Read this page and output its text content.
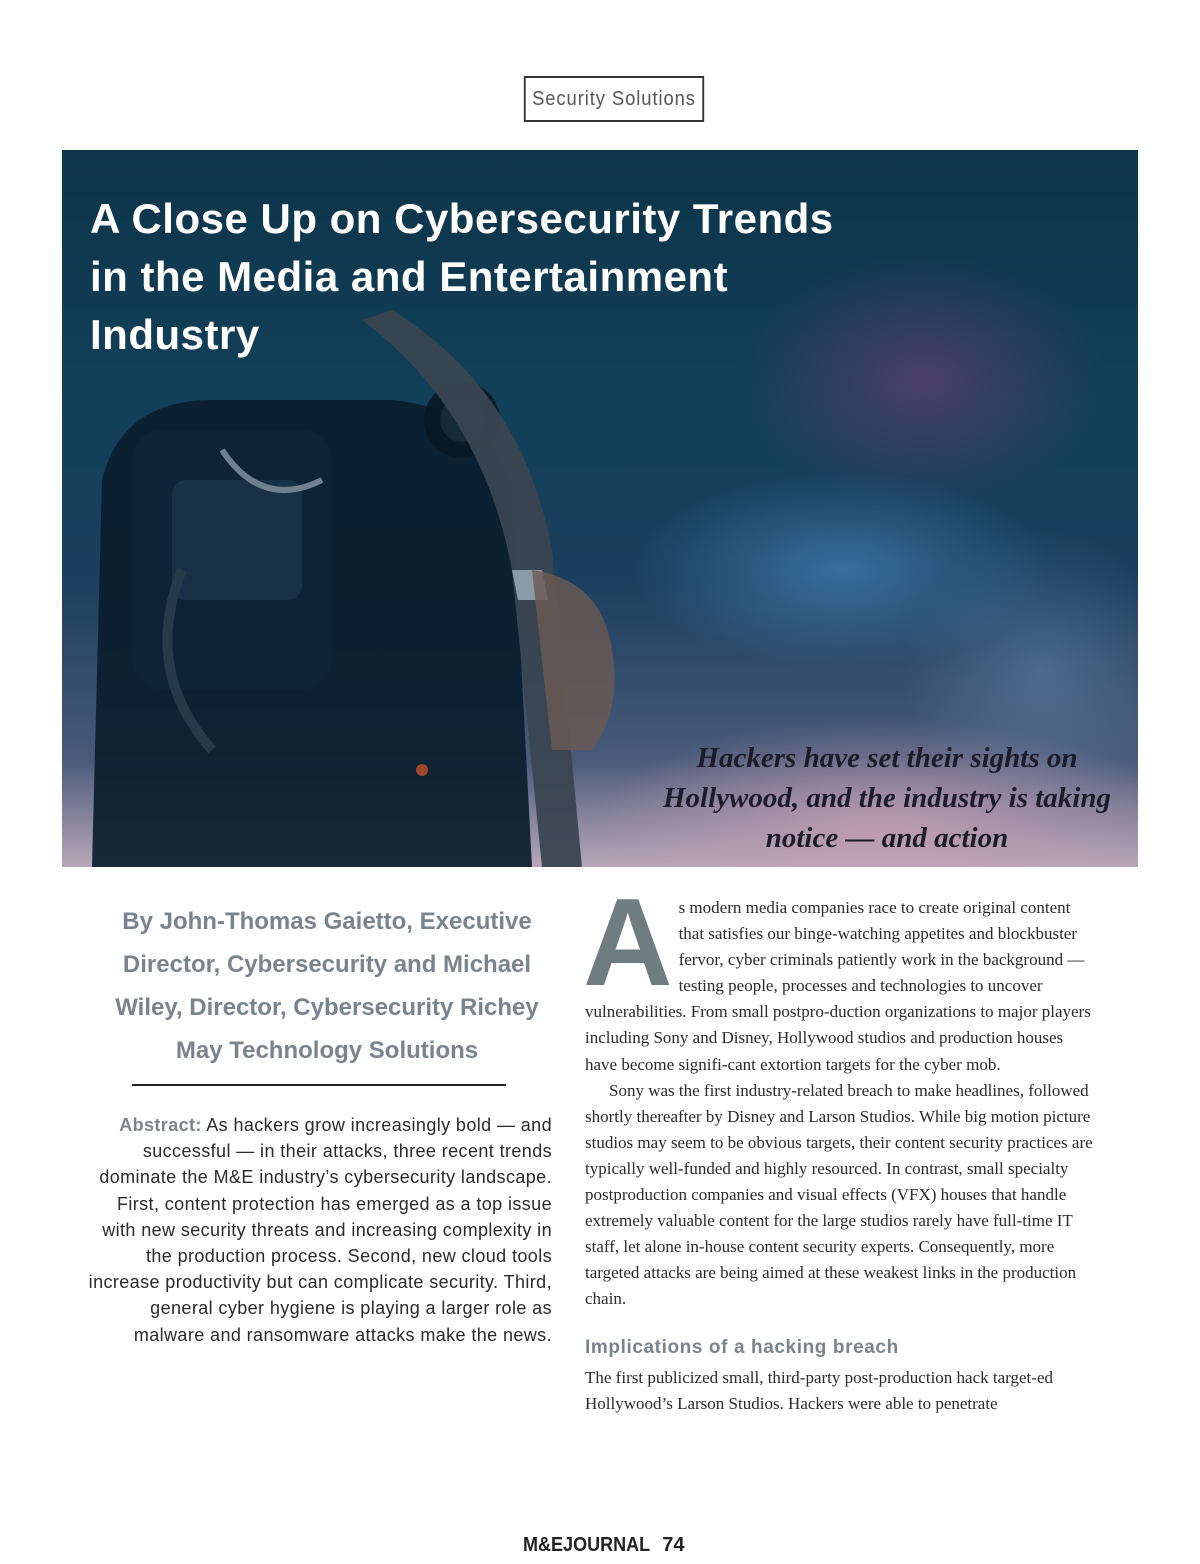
Security Solutions
A Close Up on Cybersecurity Trends in the Media and Entertainment Industry

Hackers have set their sights on Hollywood, and the industry is taking notice — and action

By John-Thomas Gaietto, Executive Director, Cybersecurity and Michael Wiley, Director, Cybersecurity Richey May Technology Solutions

Abstract: As hackers grow increasingly bold — and successful — in their attacks, three recent trends dominate the M&E industry’s cybersecurity landscape. First, content protection has emerged as a top issue with new security threats and increasing complexity in the production process. Second, new cloud tools increase productivity but can complicate security. Third, general cyber hygiene is playing a larger role as malware and ransomware attacks make the news.

As modern media companies race to create original content that satisfies our binge-watching appetites and blockbuster fervor, cyber criminals patiently work in the background — testing people, processes and technologies to uncover vulnerabilities. From small postpro-duction organizations to major players including Sony and Disney, Hollywood studios and production houses have become signifi-cant extortion targets for the cyber mob.

Sony was the first industry-related breach to make headlines, followed shortly thereafter by Disney and Larson Studios. While big motion picture studios may seem to be obvious targets, their content security practices are typically well-funded and highly resourced. In contrast, small specialty postproduction companies and visual effects (VFX) houses that handle extremely valuable content for the large studios rarely have full-time IT staff, let alone in-house content security experts. Consequently, more targeted attacks are being aimed at these weakest links in the production chain.

Implications of a hacking breach

The first publicized small, third-party post-production hack target-ed Hollywood’s Larson Studios. Hackers were able to penetrate

M&EJOURNAL 74
